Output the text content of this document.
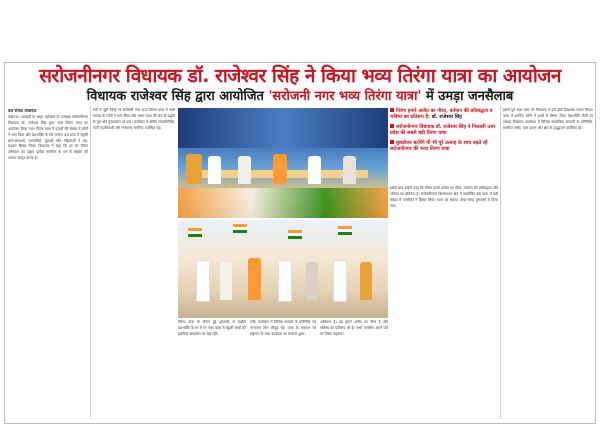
सरोजनीनगर विधायक डॉ. राजेश्वर सिंह ने किया भव्य तिरंगा यात्रा का आयोजन
विधायक राजेश्वर सिंह द्वारा आयोजित 'सरोजनी नगर भव्य तिरंगा यात्रा' में उमड़ा जनसैलाब
वस संवाद लखनऊ
लखनऊ। आजादी के अमृत महोत्सव के उपलक्ष्य सरोजनीनगर विधायक डॉ. राजेश्वर सिंह द्वारा भव्य तिरंगा यात्रा का आयोजन किया गया। तिरंगा यात्रा में हजारों की संख्या में लोगों ने भाग लिया और देशभक्ति के नारे लगाए। इस यात्रा में स्कूली छात्र-छात्राओं, व्यापारियों, युवाओं और महिलाओं ने बढ़-चढ़कर हिस्सा लिया। विधायक ने कहा कि हर घर तिरंगा अभियान का उद्देश्य प्रत्येक नागरिक के मन में राष्ट्रप्रेम की भावना जागृत करना है।
रैली में जुटी जिन्हें भी सरोजनी नगर भव्य तिरंगा यात्रा में सभी समाज के लोगों ने भाग लिया और भारत माता की जय के उद्घोष से पूरा क्षेत्र गुंजायमान हो उठा। कार्यक्रम में क्षेत्रीय जनप्रतिनिधि, पार्टी पदाधिकारी और गणमान्य नागरिक उपस्थित रहे।
तिरंगा हमारे अतीत का गौरव, वर्तमान की प्रतिबद्धता व भविष्य का प्रतिरूप है: डॉ. राजेश्वर सिंह
सरोजनीनगर विधायक डॉ. राजेश्वर सिंह ने निकाली उत्तर प्रदेश की सबसे बड़ी तिरंगा यात्रा
बुलडोजर बटोरेंगे मी भी पूरे उत्साह के साथ बढ़ते रहे सरोजनीनगर की भव्य तिरंगा यात्रा
इसके बाद उन्होंने कहा कि तिरंगा हमारे अतीत का गौरव, वर्तमान की प्रतिबद्धता और भविष्य का प्रतिरूप है। सरोजनीनगर विधानसभा क्षेत्र में आयोजित इस यात्रा में बड़ी संख्या में नागरिकों ने हिस्सा लिया। यात्रा का स्वागत जगह-जगह पुष्पवर्षा से किया गया।
इससे पूर्व भव्य यात्रा को विधायक ने हरी झंडी दिखाकर रवाना किया। यात्रा में शामिल लोगों ने हाथों में तिरंगा लेकर देशभक्ति गीतों पर उत्साह दिखाया। कार्यक्रम में विभिन्न सामाजिक संगठनों के प्रतिनिधि, स्थानीय पार्षद, ग्राम प्रधान और क्षेत्र के प्रबुद्धजन उपस्थित रहे।
तिरंगा यात्रा के दौरान हुई पुष्पवर्षा से माहौल देशभक्ति के रंग में रंग गया। यात्रा में स्कूली बच्चों की झांकियां आकर्षण का केंद्र रहीं।
गयी। कार्यक्रम में विभिन्न समाजों के प्रतिनिधि एवं गणमान्य लोग मौजूद रहे। यात्रा के समापन पर राष्ट्रगान के साथ कार्यक्रम का समापन हुआ।
अभियान है। यह हमारे अतीत का गौरव है और भविष्य का प्रतिरूप भी है। सभी नागरिक अपने घरों पर तिरंगा फहराएं।
